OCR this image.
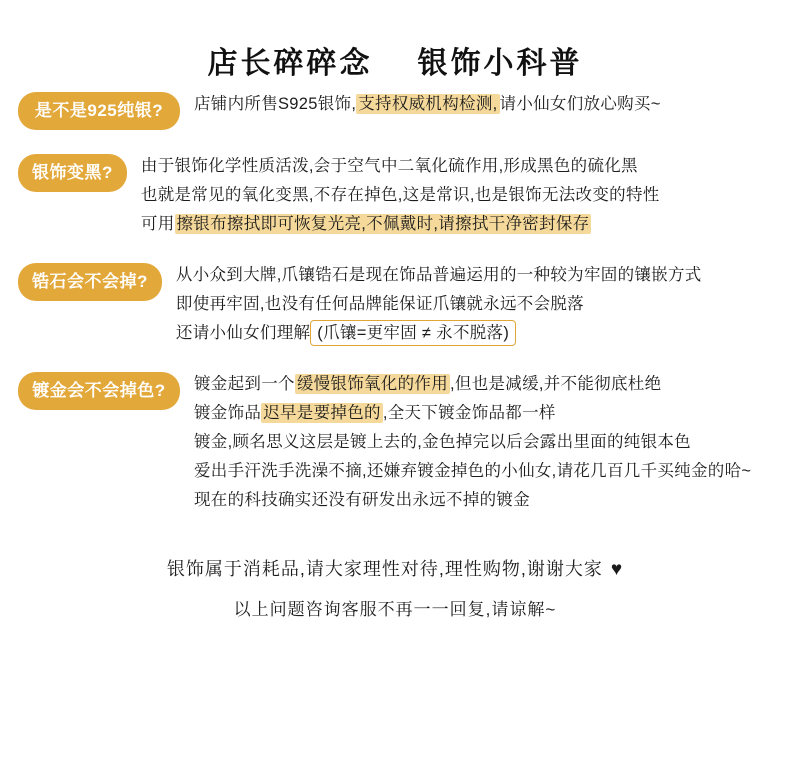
店长碎碎念 银饰小科普
是不是925纯银?	店铺内所售S925银饰, 支持权威机构检测, 请小仙女们放心购买~
银饰变黑?	由于银饰化学性质活泼,会于空气中二氧化硫作用,形成黑色的硫化黑
也就是常见的氧化变黑,不存在掉色,这是常识,也是银饰无法改变的特性
可用 擦银布擦拭即可恢复光亮,不佩戴时,请擦拭干净密封保存
锆石会不会掉?	从小众到大牌,爪镶锆石是现在饰品普遍运用的一种较为牢固的镶嵌方式
即使再牢固,也没有任何品牌能保证爪镶就永远不会脱落
还请小仙女们理解 (爪镶=更牢固 ≠ 永不脱落)
镀金会不会掉色?	镀金起到一个 缓慢银饰氧化的作用 ,但也是减缓,并不能彻底杜绝
镀金饰品 迟早是要掉色的 ,全天下镀金饰品都一样
镀金,顾名思义这层是镀上去的,金色掉完以后会露出里面的纯银本色
爱出手汗洗手洗澡不摘,还嫌弃镀金掉色的小仙女,请花几百几千买纯金的哈~
现在的科技确实还没有研发出永远不掉的镀金
银饰属于消耗品,请大家理性对待,理性购物,谢谢大家 ♥
以上问题咨询客服不再一一回复,请谅解~
